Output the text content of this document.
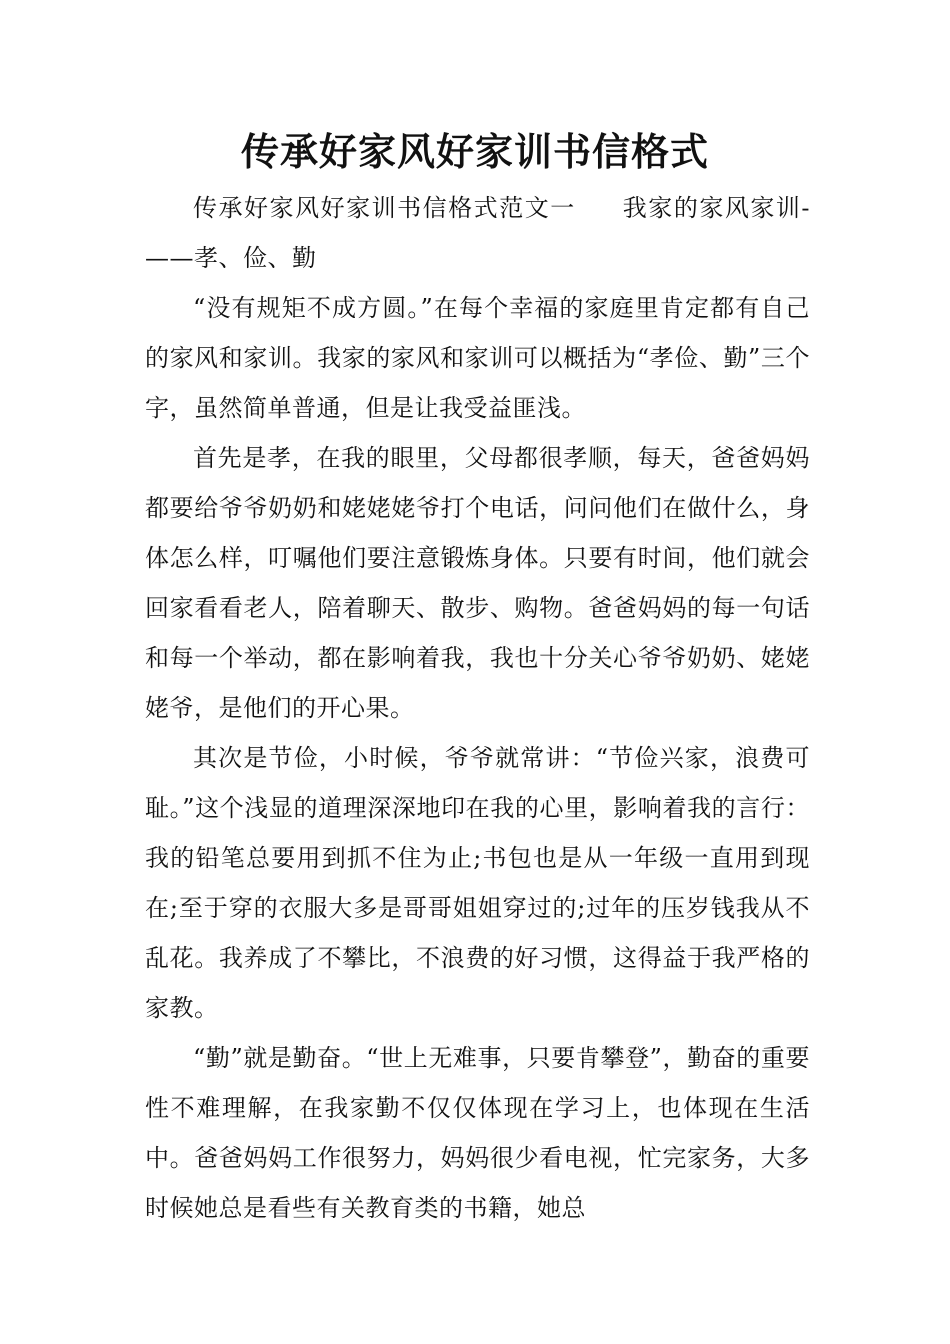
传承好家风好家训书信格式

传承好家风好家训书信格式范文一 我家的家风家训-——孝、俭、勤

“没有规矩不成方圆。”在每个幸福的家庭里肯定都有自己的家风和家训。我家的家风和家训可以概括为“孝俭、勤”三个字，虽然简单普通，但是让我受益匪浅。

首先是孝，在我的眼里，父母都很孝顺，每天，爸爸妈妈都要给爷爷奶奶和姥姥姥爷打个电话，问问他们在做什么，身体怎么样，叮嘱他们要注意锻炼身体。只要有时间，他们就会回家看看老人，陪着聊天、散步、购物。爸爸妈妈的每一句话和每一个举动，都在影响着我，我也十分关心爷爷奶奶、姥姥姥爷，是他们的开心果。

其次是节俭，小时候，爷爷就常讲：“节俭兴家，浪费可耻。”这个浅显的道理深深地印在我的心里，影响着我的言行：我的铅笔总要用到抓不住为止;书包也是从一年级一直用到现在;至于穿的衣服大多是哥哥姐姐穿过的;过年的压岁钱我从不乱花。我养成了不攀比，不浪费的好习惯，这得益于我严格的家教。

“勤”就是勤奋。“世上无难事，只要肯攀登”，勤奋的重要性不难理解，在我家勤不仅仅体现在学习上，也体现在生活中。爸爸妈妈工作很努力，妈妈很少看电视，忙完家务，大多时候她总是看些有关教育类的书籍，她总
